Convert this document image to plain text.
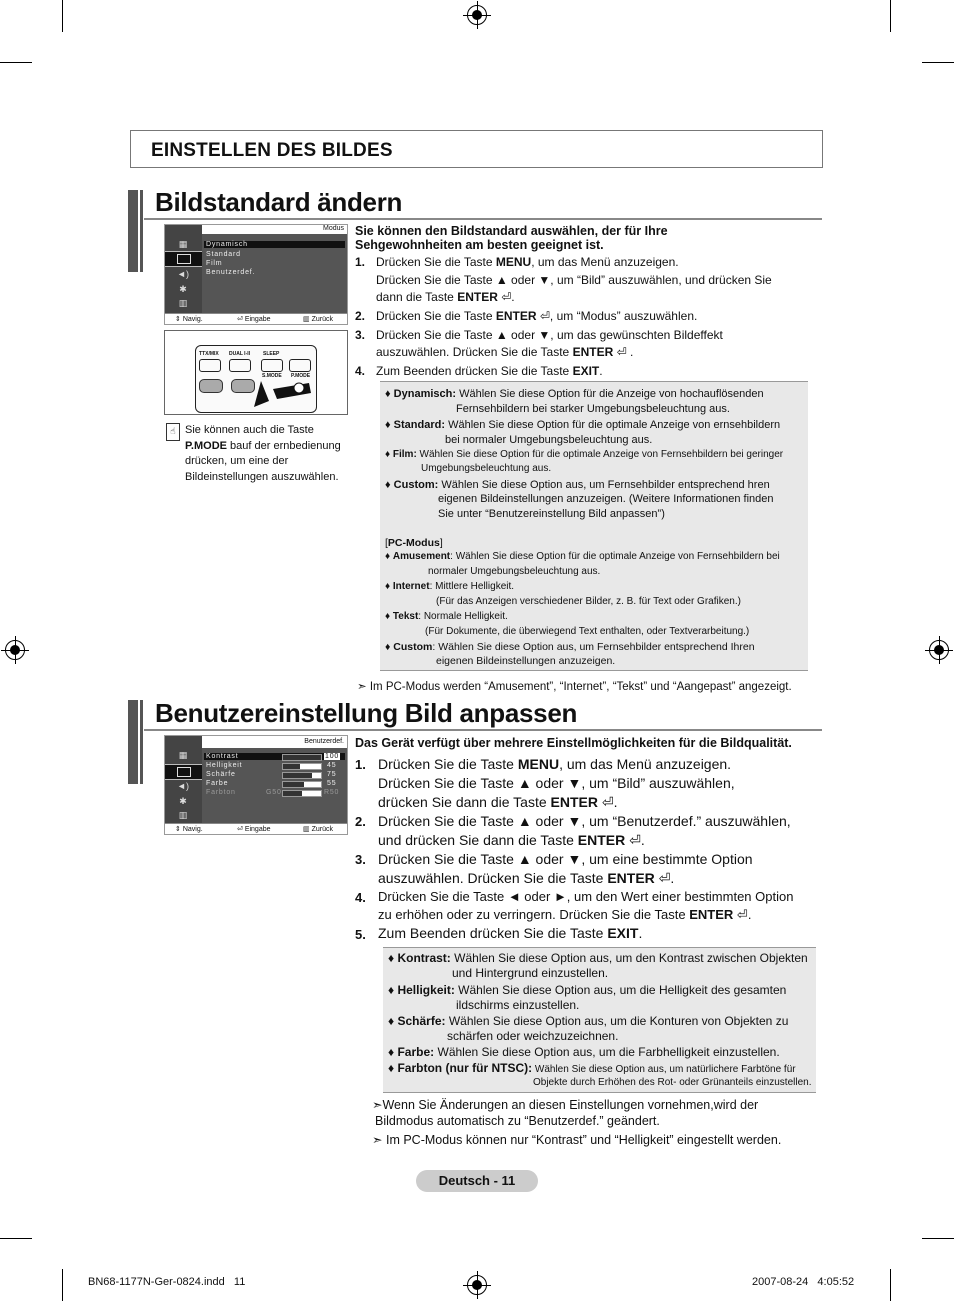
EINSTELLEN DES BILDES
Bildstandard ändern
▦
◄)
✱
▥
Dynamisch
Standard
Film
Benutzerdef.
Modus
⇕ Navig.	⏎ Eingabe	▥ Zurück
TTX/MIX DUAL I-II	SLEEP
S.MODE P.MODE
☝ Sie können auch die Taste
P.MODE bauf der ernbedienung
drücken, um eine der
Bildeinstellungen auszuwählen.
Sie können den Bildstandard auswählen, der für Ihre
Sehgewohnheiten am besten geeignet ist.
1. Drücken Sie die Taste MENU, um das Menü anzuzeigen.
Drücken Sie die Taste ▲ oder ▼, um “Bild” auszuwählen, und drücken Sie
dann die Taste ENTER ⏎.
2. Drücken Sie die Taste ENTER ⏎, um “Modus” auszuwählen.
3. Drücken Sie die Taste ▲ oder ▼, um das gewünschten Bildeffekt
auszuwählen. Drücken Sie die Taste ENTER ⏎ .
4. Zum Beenden drücken Sie die Taste EXIT.
♦ Dynamisch: Wählen Sie diese Option für die Anzeige von hochauflösenden
Fernsehbildern bei starker Umgebungsbeleuchtung aus.
♦ Standard: Wählen Sie diese Option für die optimale Anzeige von ernsehbildern
bei normaler Umgebungsbeleuchtung aus.
♦ Film: Wählen Sie diese Option für die optimale Anzeige von Fernsehbildern bei geringer
Umgebungsbeleuchtung aus.
♦ Custom: Wählen Sie diese Option aus, um Fernsehbilder entsprechend hren
eigenen Bildeinstellungen anzuzeigen. (Weitere Informationen finden
Sie unter “Benutzereinstellung Bild anpassen”)
[PC-Modus]
♦ Amusement: Wählen Sie diese Option für die optimale Anzeige von Fernsehbildern bei
normaler Umgebungsbeleuchtung aus.
♦ Internet: Mittlere Helligkeit.
(Für das Anzeigen verschiedener Bilder, z. B. für Text oder Grafiken.)
♦ Tekst: Normale Helligkeit.
(Für Dokumente, die überwiegend Text enthalten, oder Textverarbeitung.)
♦ Custom: Wählen Sie diese Option aus, um Fernsehbilder entsprechend Ihren
eigenen Bildeinstellungen anzuzeigen.
➣ Im PC-Modus werden “Amusement”, “Internet”, “Tekst” und “Aangepast” angezeigt.
Benutzereinstellung Bild anpassen
▦
◄)
✱
▥
Kontrast
Helligkeit
Schärfe
Farbe
Farbton
100
45
75
55
G50	R50
Benutzerdef.
⇕ Navig.	⏎ Eingabe	▥ Zurück
Das Gerät verfügt über mehrere Einstellmöglichkeiten für die Bildqualität.
1. Drücken Sie die Taste MENU, um das Menü anzuzeigen.
Drücken Sie die Taste ▲ oder ▼, um “Bild” auszuwählen,
drücken Sie dann die Taste ENTER ⏎.
2. Drücken Sie die Taste ▲ oder ▼, um “Benutzerdef.” auszuwählen,
und drücken Sie dann die Taste ENTER ⏎.
3. Drücken Sie die Taste ▲ oder ▼, um eine bestimmte Option
auszuwählen. Drücken Sie die Taste ENTER ⏎.
4. Drücken Sie die Taste ◄ oder ►, um den Wert einer bestimmten Option
zu erhöhen oder zu verringern. Drücken Sie die Taste ENTER ⏎.
5. Zum Beenden drücken Sie die Taste EXIT.
♦ Kontrast: Wählen Sie diese Option aus, um den Kontrast zwischen Objekten
und Hintergrund einzustellen.
♦ Helligkeit: Wählen Sie diese Option aus, um die Helligkeit des gesamten
ildschirms einzustellen.
♦ Schärfe: Wählen Sie diese Option aus, um die Konturen von Objekten zu
schärfen oder weichzuzeichnen.
♦ Farbe: Wählen Sie diese Option aus, um die Farbhelligkeit einzustellen.
♦ Farbton (nur für NTSC): Wählen Sie diese Option aus, um natürlichere Farbtöne für
Objekte durch Erhöhen des Rot- oder Grünanteils einzustellen.
➣Wenn Sie Änderungen an diesen Einstellungen vornehmen,wird der
Bildmodus automatisch zu “Benutzerdef.” geändert.
➣ Im PC-Modus können nur “Kontrast” und “Helligkeit” eingestellt werden.
Deutsch - 11
BN68-1177N-Ger-0824.indd   11	2007-08-24   4:05:52
